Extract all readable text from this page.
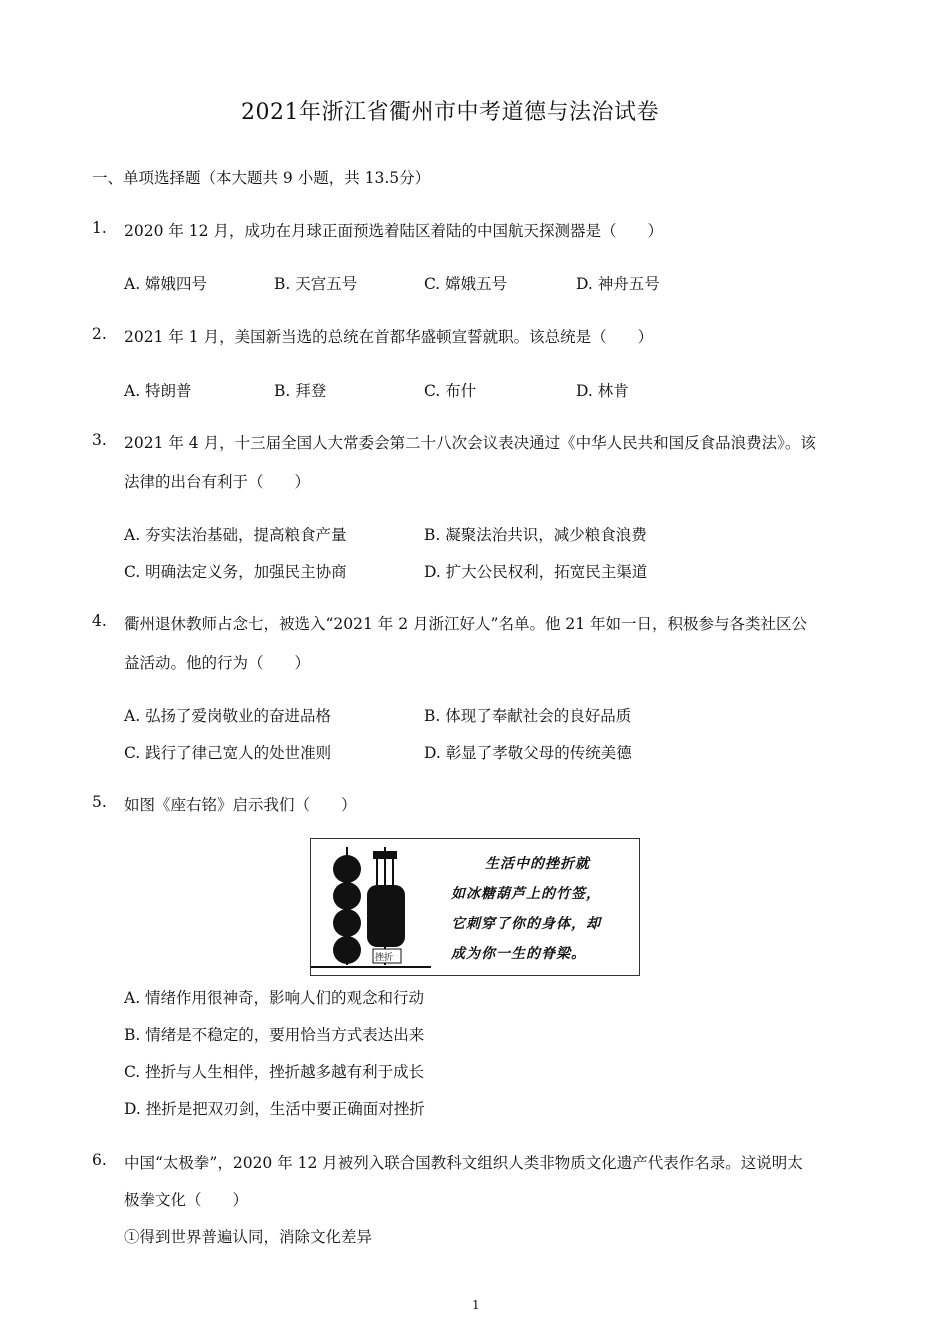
2021年浙江省衢州市中考道德与法治试卷
一、单项选择题（本大题共 9 小题，共 13.5分）
1. 2020 年 12 月，成功在月球正面预选着陆区着陆的中国航天探测器是（　　）
A. 嫦娥四号	B. 天宫五号	C. 嫦娥五号	D. 神舟五号
2. 2021 年 1 月，美国新当选的总统在首都华盛顿宣誓就职。该总统是（　　）
A. 特朗普	B. 拜登	C. 布什	D. 林肯
3. 2021 年 4 月，十三届全国人大常委会第二十八次会议表决通过《中华人民共和国反食品浪费法》。该
法律的出台有利于（　　）
A. 夯实法治基础，提高粮食产量	B. 凝聚法治共识，减少粮食浪费
C. 明确法定义务，加强民主协商	D. 扩大公民权利，拓宽民主渠道
4. 衢州退休教师占念七，被选入“2021 年 2 月浙江好人”名单。他 21 年如一日，积极参与各类社区公
益活动。他的行为（　　）
A. 弘扬了爱岗敬业的奋进品格	B. 体现了奉献社会的良好品质
C. 践行了律己宽人的处世准则	D. 彰显了孝敬父母的传统美德
5. 如图《座右铭》启示我们（　　）
挫折
生活中的挫折就
如冰糖葫芦上的竹签，
它刺穿了你的身体，却
成为你一生的脊梁。
A. 情绪作用很神奇，影响人们的观念和行动
B. 情绪是不稳定的，要用恰当方式表达出来
C. 挫折与人生相伴，挫折越多越有利于成长
D. 挫折是把双刃剑，生活中要正确面对挫折
6. 中国“太极拳”，2020 年 12 月被列入联合国教科文组织人类非物质文化遗产代表作名录。这说明太
极拳文化（　　）
①得到世界普遍认同，消除文化差异
1
